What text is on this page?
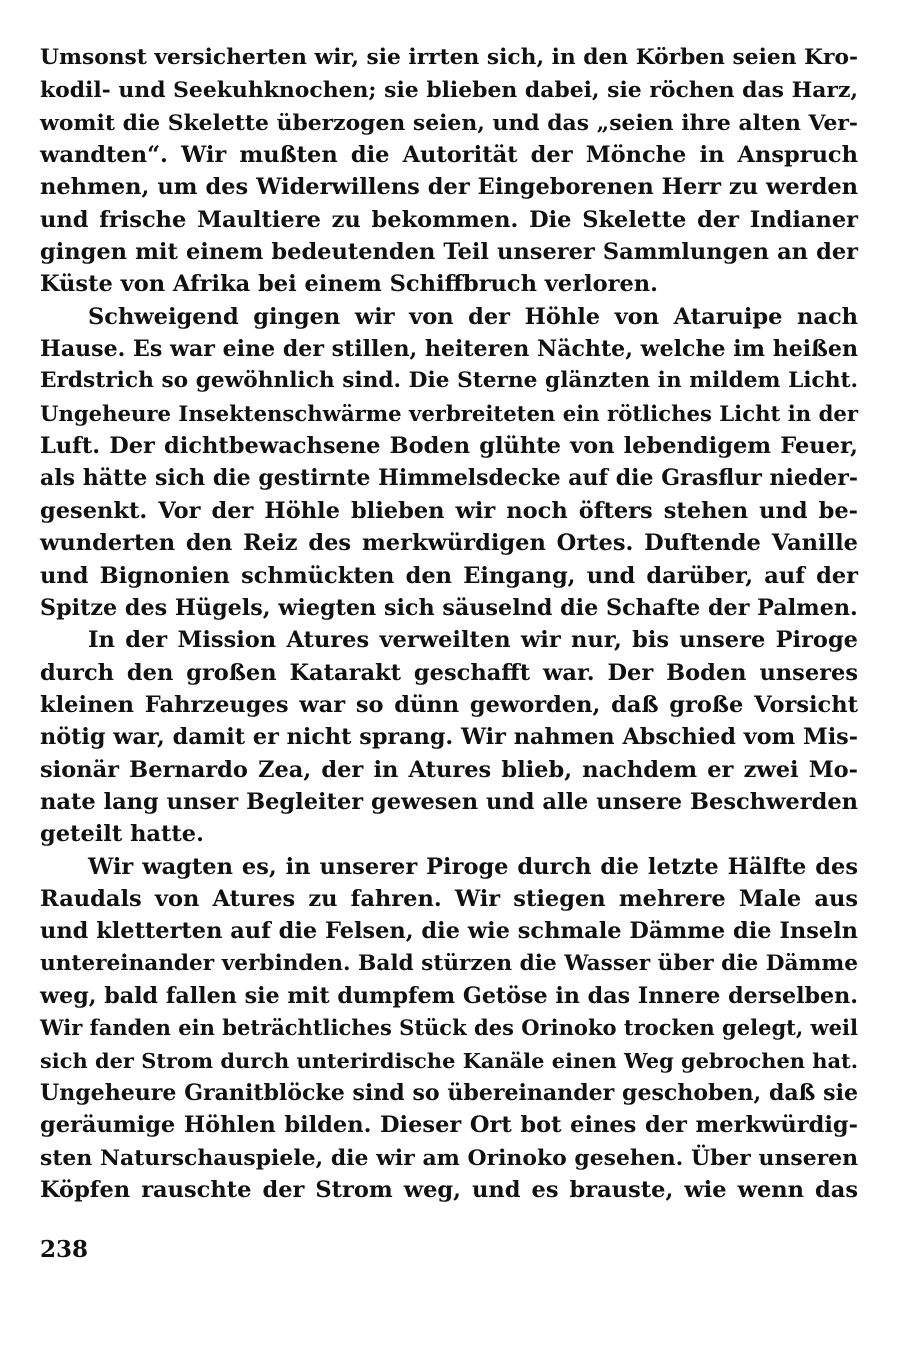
Umsonst versicherten wir, sie irrten sich, in den Körben seien Kro-
kodil- und Seekuhknochen; sie blieben dabei, sie röchen das Harz,
womit die Skelette überzogen seien, und das „seien ihre alten Ver-
wandten“. Wir mußten die Autorität der Mönche in Anspruch
nehmen, um des Widerwillens der Eingeborenen Herr zu werden
und frische Maultiere zu bekommen. Die Skelette der Indianer
gingen mit einem bedeutenden Teil unserer Sammlungen an der
Küste von Afrika bei einem Schiffbruch verloren.
Schweigend gingen wir von der Höhle von Ataruipe nach
Hause. Es war eine der stillen, heiteren Nächte, welche im heißen
Erdstrich so gewöhnlich sind. Die Sterne glänzten in mildem Licht.
Ungeheure Insektenschwärme verbreiteten ein rötliches Licht in der
Luft. Der dichtbewachsene Boden glühte von lebendigem Feuer,
als hätte sich die gestirnte Himmelsdecke auf die Grasflur nieder-
gesenkt. Vor der Höhle blieben wir noch öfters stehen und be-
wunderten den Reiz des merkwürdigen Ortes. Duftende Vanille
und Bignonien schmückten den Eingang, und darüber, auf der
Spitze des Hügels, wiegten sich säuselnd die Schafte der Palmen.
In der Mission Atures verweilten wir nur, bis unsere Piroge
durch den großen Katarakt geschafft war. Der Boden unseres
kleinen Fahrzeuges war so dünn geworden, daß große Vorsicht
nötig war, damit er nicht sprang. Wir nahmen Abschied vom Mis-
sionär Bernardo Zea, der in Atures blieb, nachdem er zwei Mo-
nate lang unser Begleiter gewesen und alle unsere Beschwerden
geteilt hatte.
Wir wagten es, in unserer Piroge durch die letzte Hälfte des
Raudals von Atures zu fahren. Wir stiegen mehrere Male aus
und kletterten auf die Felsen, die wie schmale Dämme die Inseln
untereinander verbinden. Bald stürzen die Wasser über die Dämme
weg, bald fallen sie mit dumpfem Getöse in das Innere derselben.
Wir fanden ein beträchtliches Stück des Orinoko trocken gelegt, weil
sich der Strom durch unterirdische Kanäle einen Weg gebrochen hat.
Ungeheure Granitblöcke sind so übereinander geschoben, daß sie
geräumige Höhlen bilden. Dieser Ort bot eines der merkwürdig-
sten Naturschauspiele, die wir am Orinoko gesehen. Über unseren
Köpfen rauschte der Strom weg, und es brauste, wie wenn das
238
